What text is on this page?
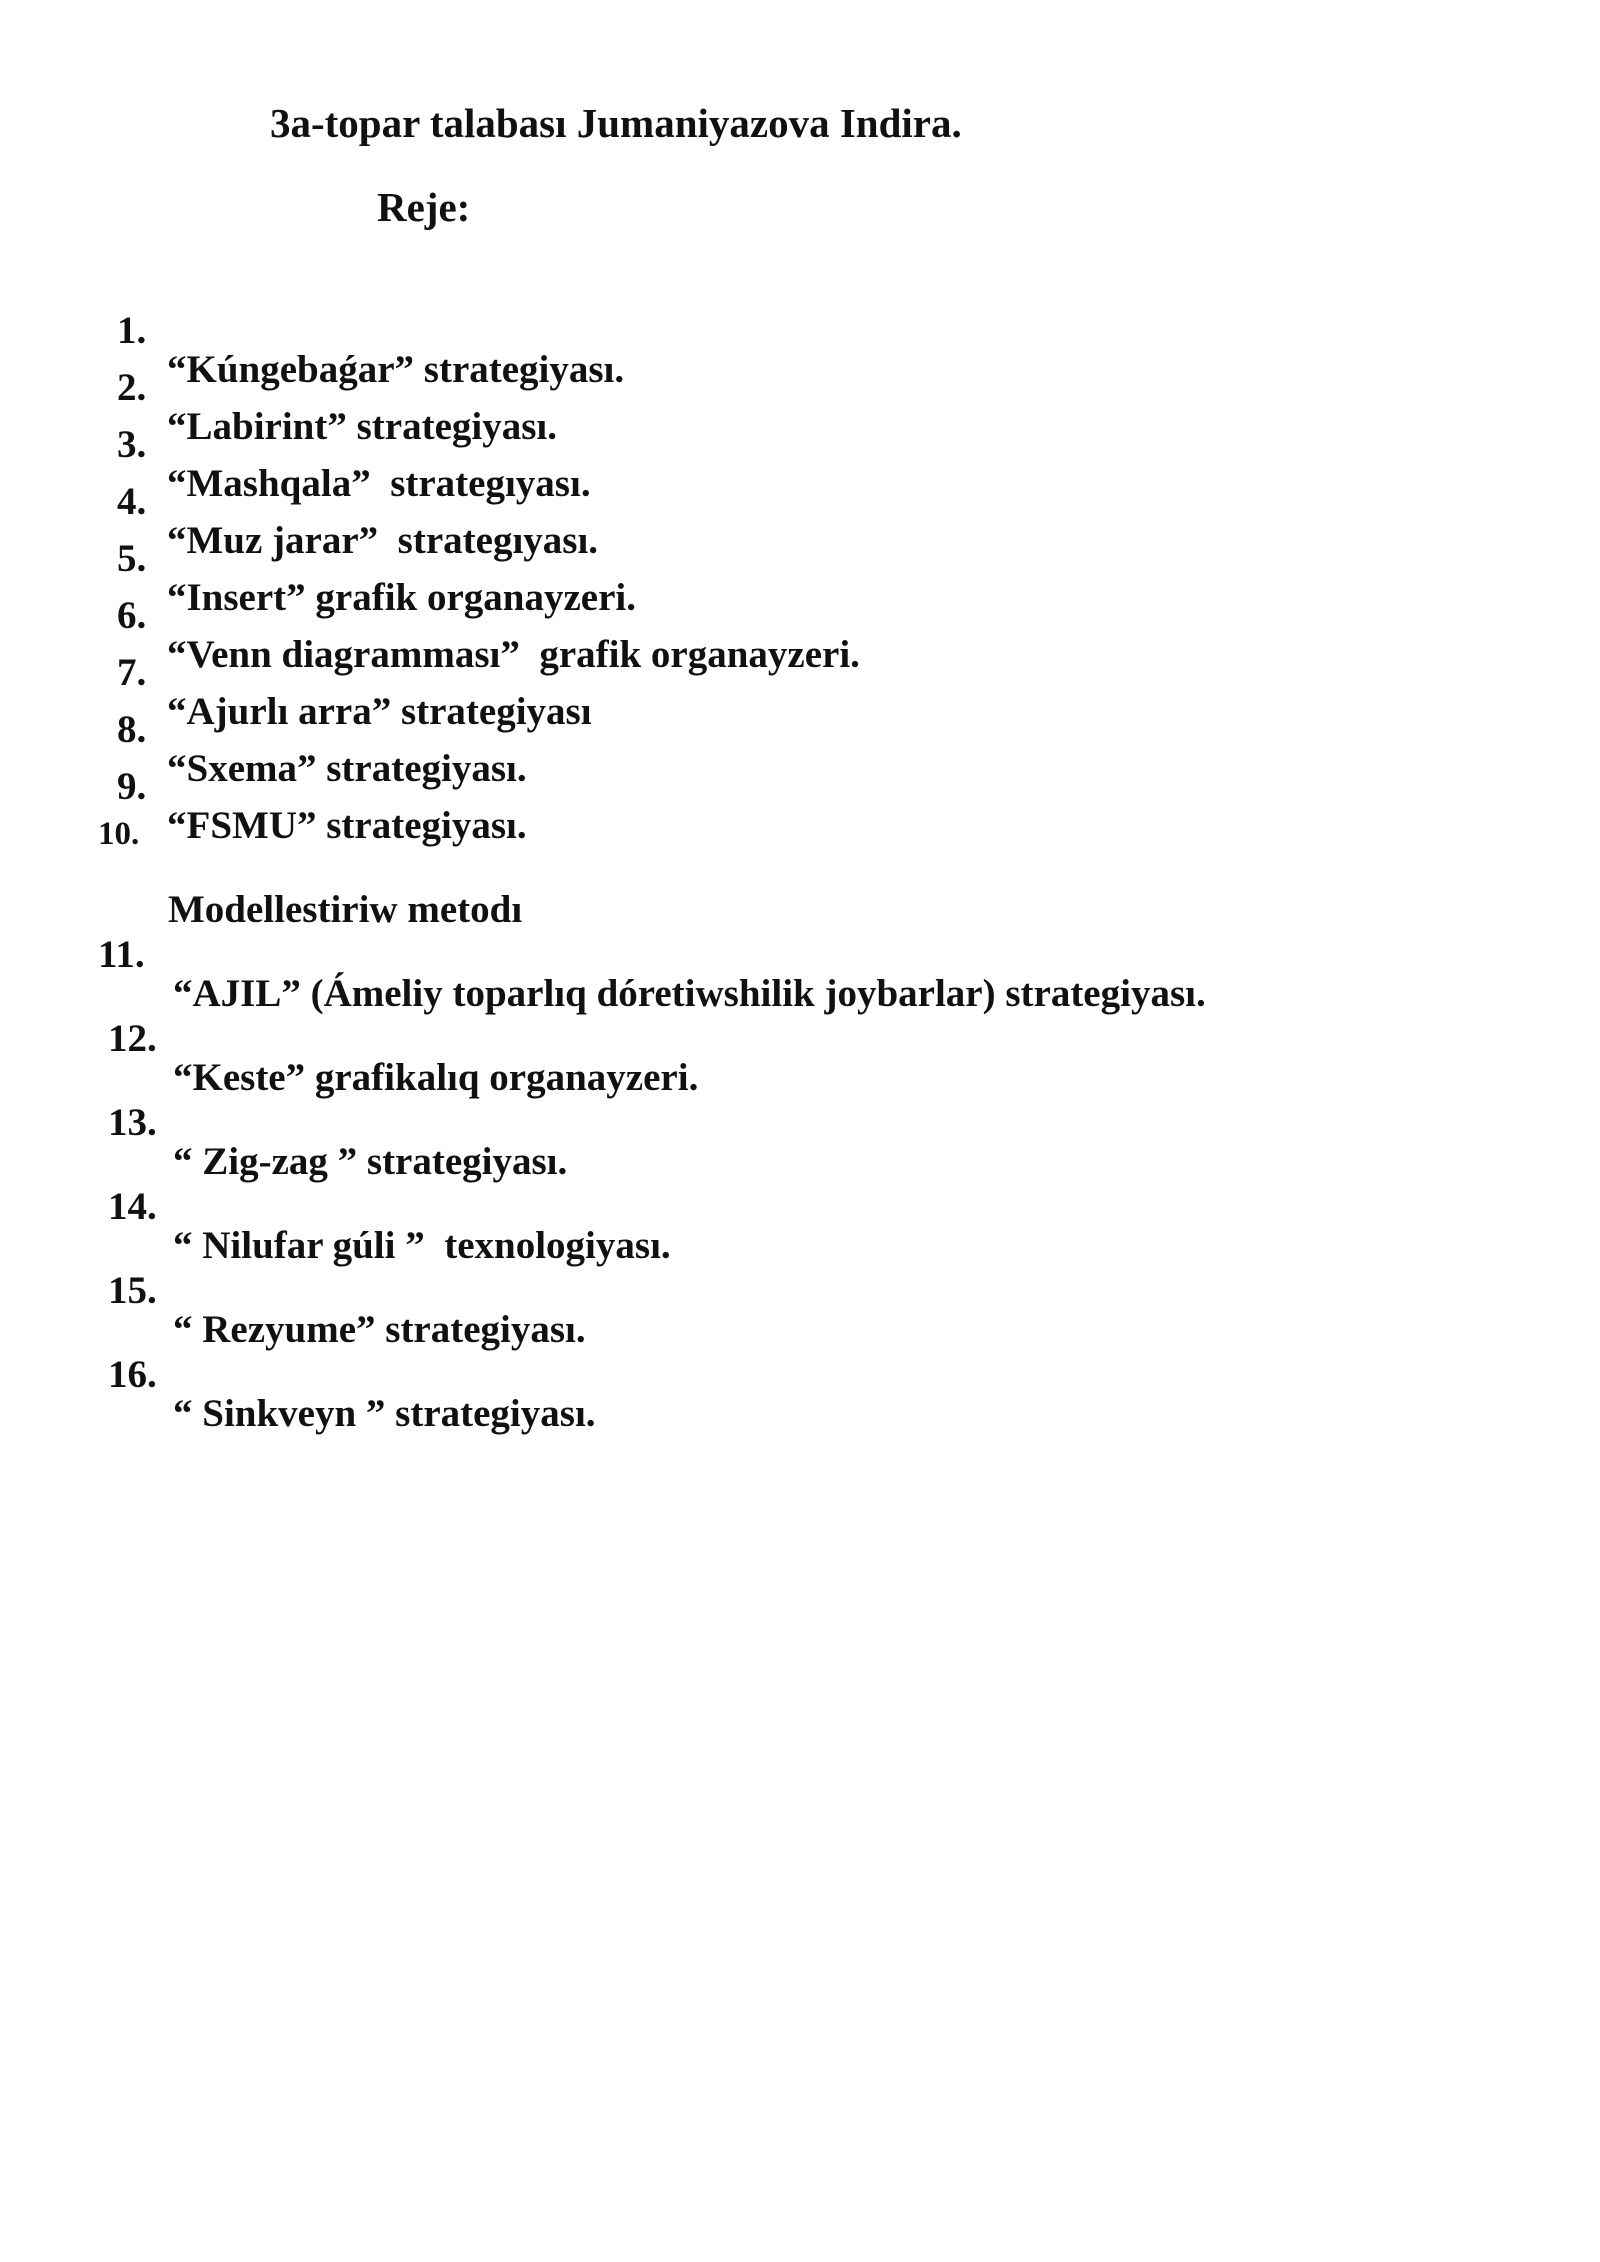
3a-topar talabası Jumaniyazova Indira.
Reje:

1.

“Kúngebaǵar” strategiyası.

2.

“Labirint” strategiyası.

3.

“Mashqala”  strategıyası.

4.

“Muz jarar”  strategıyası.

5.

“Insert” grafik organayzeri.

6.

“Venn diagramması”  grafik organayzeri.

7.

“Ajurlı arra” strategiyası

8.

“Sxema” strategiyası.

9.

“FSMU” strategiyası.

10.

Modellestiriw metodı

11.

“AJIL” (Ámeliy toparlıq dóretiwshilik joybarlar) strategiyası.

12.

“Keste” grafikalıq organayzeri.

13.

“ Zig-zag ” strategiyası.

14.

“ Nilufar gúli ”  texnologiyası.

15.

“ Rezyume” strategiyası.

16.

“ Sinkveyn ” strategiyası.
